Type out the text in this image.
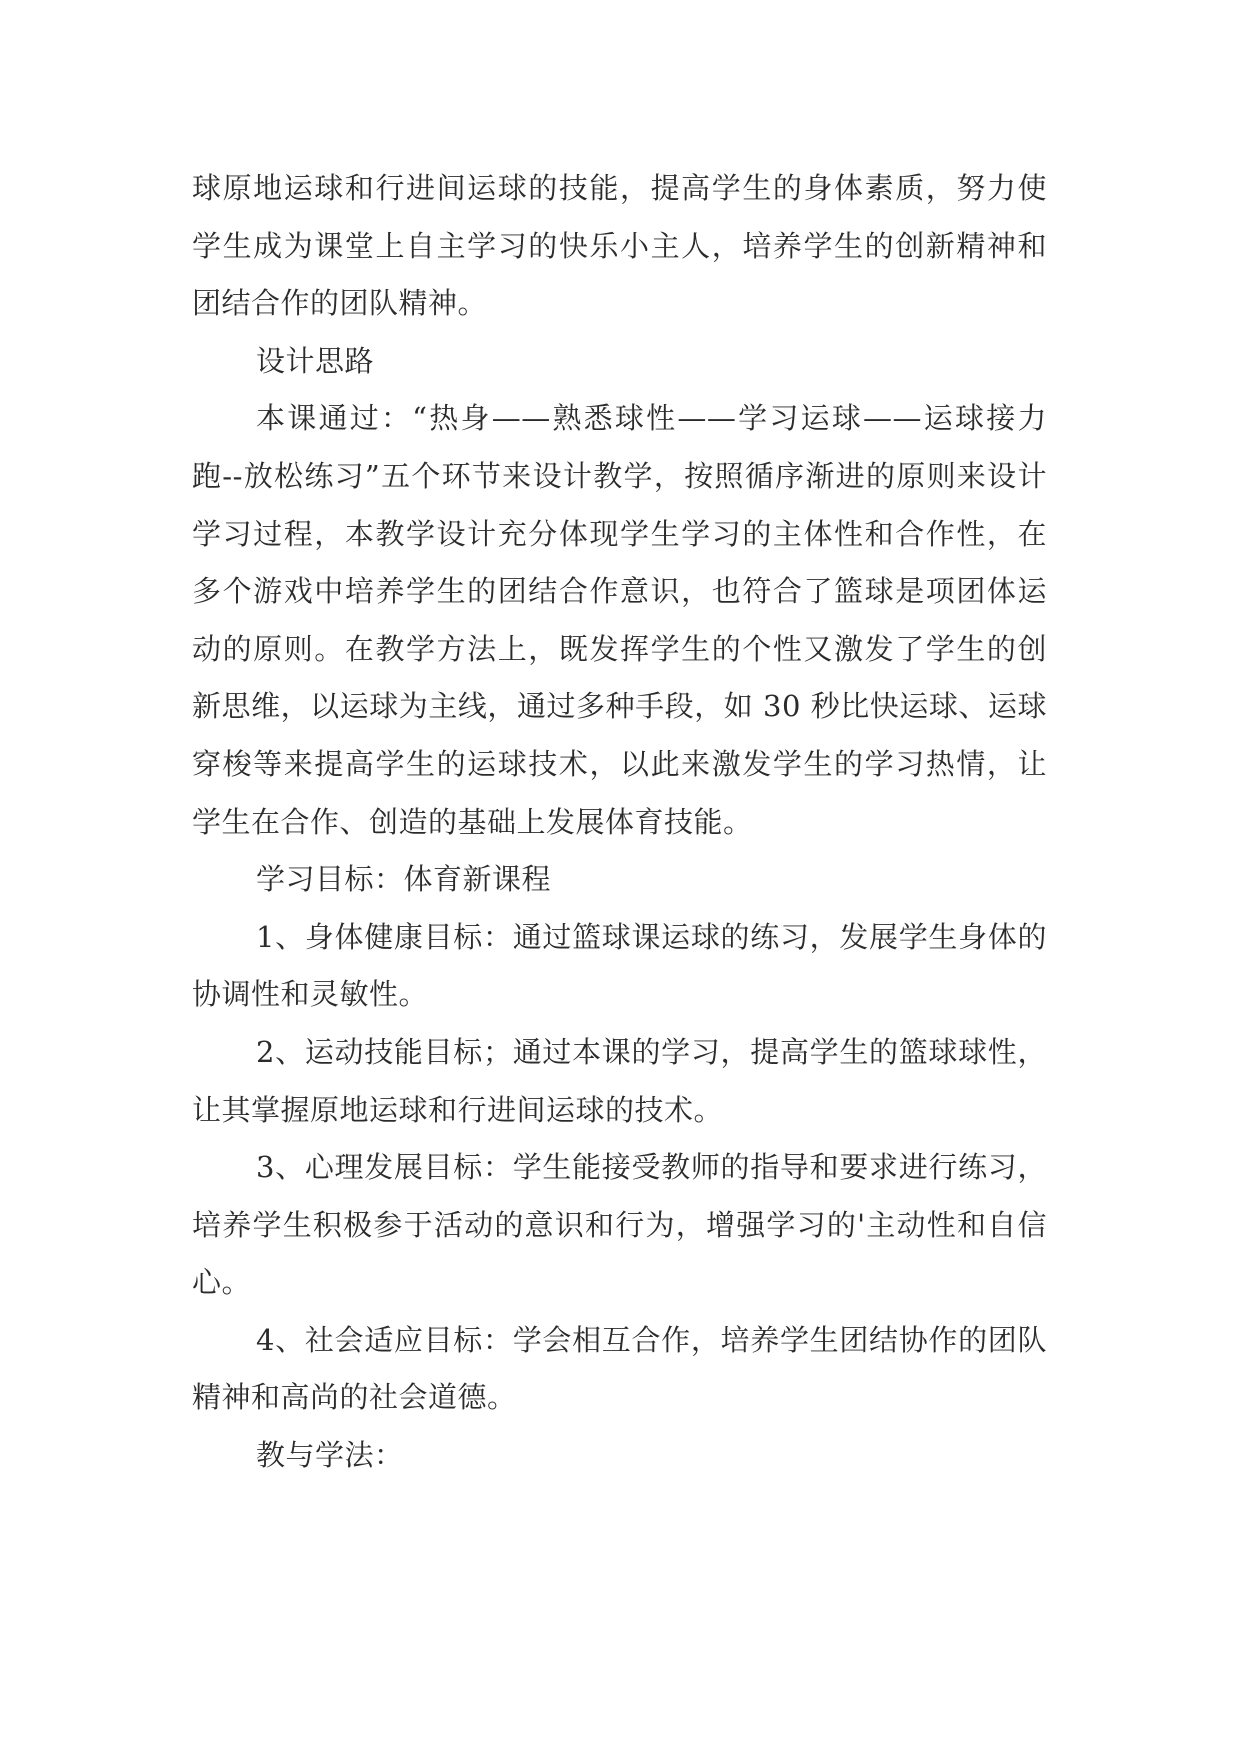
球原地运球和行进间运球的技能，提高学生的身体素质，努力使学生成为课堂上自主学习的快乐小主人，培养学生的创新精神和团结合作的团队精神。

设计思路

本课通过：“热身——熟悉球性——学习运球——运球接力跑--放松练习”五个环节来设计教学，按照循序渐进的原则来设计学习过程，本教学设计充分体现学生学习的主体性和合作性，在多个游戏中培养学生的团结合作意识，也符合了篮球是项团体运动的原则。在教学方法上，既发挥学生的个性又激发了学生的创新思维，以运球为主线，通过多种手段，如 30 秒比快运球、运球穿梭等来提高学生的运球技术，以此来激发学生的学习热情，让学生在合作、创造的基础上发展体育技能。

学习目标：体育新课程

1、身体健康目标：通过篮球课运球的练习，发展学生身体的协调性和灵敏性。

2、运动技能目标；通过本课的学习，提高学生的篮球球性，让其掌握原地运球和行进间运球的技术。

3、心理发展目标：学生能接受教师的指导和要求进行练习，培养学生积极参于活动的意识和行为，增强学习的'主动性和自信心。

4、社会适应目标：学会相互合作，培养学生团结协作的团队精神和高尚的社会道德。

教与学法：
